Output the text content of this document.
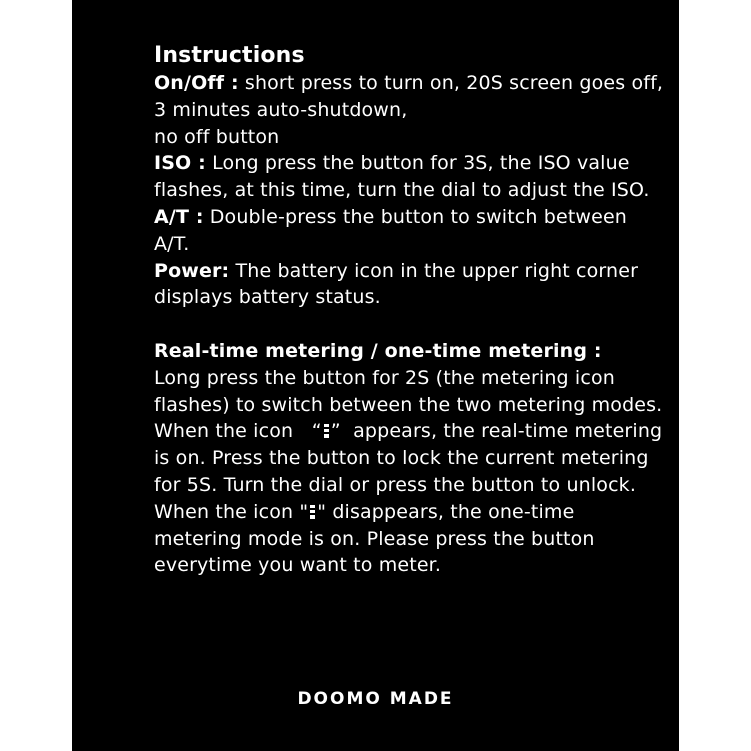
Instructions

On/Off : short press to turn on, 20S screen goes off, 3 minutes auto-shutdown,

no off button

ISO : Long press the button for 3S, the ISO value flashes, at this time, turn the dial to adjust the ISO.

A/T : Double-press the button to switch between A/T.

Power: The battery icon in the upper right corner displays battery status.

Real-time metering / one-time metering :

Long press the button for 2S (the metering icon flashes) to switch between the two metering modes.

When the icon   “ ”  appears, the real-time metering is on. Press the button to lock the current metering for 5S. Turn the dial or press the button to unlock.

When the icon " " disappears, the one-time metering mode is on. Please press the button everytime you want to meter.

DOOMO MADE
